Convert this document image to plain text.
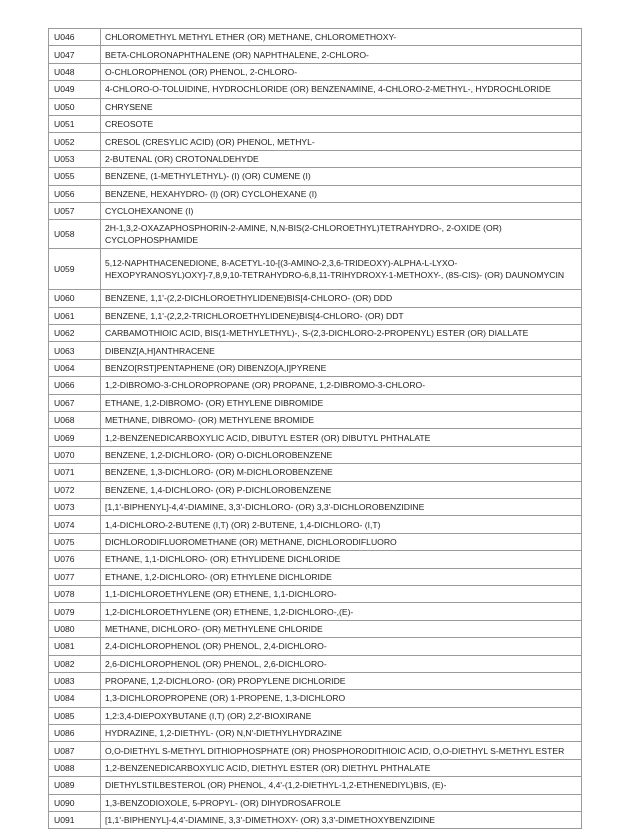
U046	CHLOROMETHYL METHYL ETHER (OR) METHANE, CHLOROMETHOXY-
U047	BETA-CHLORONAPHTHALENE (OR) NAPHTHALENE, 2-CHLORO-
U048	O-CHLOROPHENOL (OR) PHENOL, 2-CHLORO-
U049	4-CHLORO-O-TOLUIDINE, HYDROCHLORIDE (OR) BENZENAMINE, 4-CHLORO-2-METHYL-, HYDROCHLORIDE
U050	CHRYSENE
U051	CREOSOTE
U052	CRESOL (CRESYLIC ACID) (OR) PHENOL, METHYL-
U053	2-BUTENAL (OR) CROTONALDEHYDE
U055	BENZENE, (1-METHYLETHYL)- (I) (OR) CUMENE (I)
U056	BENZENE, HEXAHYDRO- (I) (OR) CYCLOHEXANE (I)
U057	CYCLOHEXANONE (I)
U058	2H-1,3,2-OXAZAPHOSPHORIN-2-AMINE, N,N-BIS(2-CHLOROETHYL)TETRAHYDRO-, 2-OXIDE (OR) CYCLOPHOSPHAMIDE
U059	5,12-NAPHTHACENEDIONE, 8-ACETYL-10-[(3-AMINO-2,3,6-TRIDEOXY)-ALPHA-L-LYXO-HEXOPYRANOSYL)OXY]-7,8,9,10-TETRAHYDRO-6,8,11-TRIHYDROXY-1-METHOXY-, (8S-CIS)- (OR) DAUNOMYCIN
U060	BENZENE, 1,1'-(2,2-DICHLOROETHYLIDENE)BIS[4-CHLORO- (OR) DDD
U061	BENZENE, 1,1'-(2,2,2-TRICHLOROETHYLIDENE)BIS[4-CHLORO- (OR) DDT
U062	CARBAMOTHIOIC ACID, BIS(1-METHYLETHYL)-, S-(2,3-DICHLORO-2-PROPENYL) ESTER (OR) DIALLATE
U063	DIBENZ[A,H]ANTHRACENE
U064	BENZO[RST]PENTAPHENE (OR) DIBENZO[A,I]PYRENE
U066	1,2-DIBROMO-3-CHLOROPROPANE (OR) PROPANE, 1,2-DIBROMO-3-CHLORO-
U067	ETHANE, 1,2-DIBROMO- (OR) ETHYLENE DIBROMIDE
U068	METHANE, DIBROMO- (OR) METHYLENE BROMIDE
U069	1,2-BENZENEDICARBOXYLIC ACID, DIBUTYL ESTER (OR) DIBUTYL PHTHALATE
U070	BENZENE, 1,2-DICHLORO- (OR) O-DICHLOROBENZENE
U071	BENZENE, 1,3-DICHLORO- (OR) M-DICHLOROBENZENE
U072	BENZENE, 1,4-DICHLORO- (OR) P-DICHLOROBENZENE
U073	[1,1'-BIPHENYL]-4,4'-DIAMINE, 3,3'-DICHLORO- (OR) 3,3'-DICHLOROBENZIDINE
U074	1,4-DICHLORO-2-BUTENE (I,T) (OR) 2-BUTENE, 1,4-DICHLORO- (I,T)
U075	DICHLORODIFLUOROMETHANE (OR) METHANE, DICHLORODIFLUORO
U076	ETHANE, 1,1-DICHLORO- (OR) ETHYLIDENE DICHLORIDE
U077	ETHANE, 1,2-DICHLORO- (OR) ETHYLENE DICHLORIDE
U078	1,1-DICHLOROETHYLENE (OR) ETHENE, 1,1-DICHLORO-
U079	1,2-DICHLOROETHYLENE (OR) ETHENE, 1,2-DICHLORO-,(E)-
U080	METHANE, DICHLORO- (OR) METHYLENE CHLORIDE
U081	2,4-DICHLOROPHENOL (OR) PHENOL, 2,4-DICHLORO-
U082	2,6-DICHLOROPHENOL (OR) PHENOL, 2,6-DICHLORO-
U083	PROPANE, 1,2-DICHLORO- (OR) PROPYLENE DICHLORIDE
U084	1,3-DICHLOROPROPENE (OR) 1-PROPENE, 1,3-DICHLORO
U085	1,2:3,4-DIEPOXYBUTANE (I,T) (OR) 2,2'-BIOXIRANE
U086	HYDRAZINE, 1,2-DIETHYL- (OR) N,N'-DIETHYLHYDRAZINE
U087	O,O-DIETHYL S-METHYL DITHIOPHOSPHATE (OR) PHOSPHORODITHIOIC ACID, O,O-DIETHYL S-METHYL ESTER
U088	1,2-BENZENEDICARBOXYLIC ACID, DIETHYL ESTER (OR) DIETHYL PHTHALATE
U089	DIETHYLSTILBESTEROL (OR) PHENOL, 4,4'-(1,2-DIETHYL-1,2-ETHENEDIYL)BIS, (E)-
U090	1,3-BENZODIOXOLE, 5-PROPYL- (OR) DIHYDROSAFROLE
U091	[1,1'-BIPHENYL]-4,4'-DIAMINE, 3,3'-DIMETHOXY- (OR) 3,3'-DIMETHOXYBENZIDINE
